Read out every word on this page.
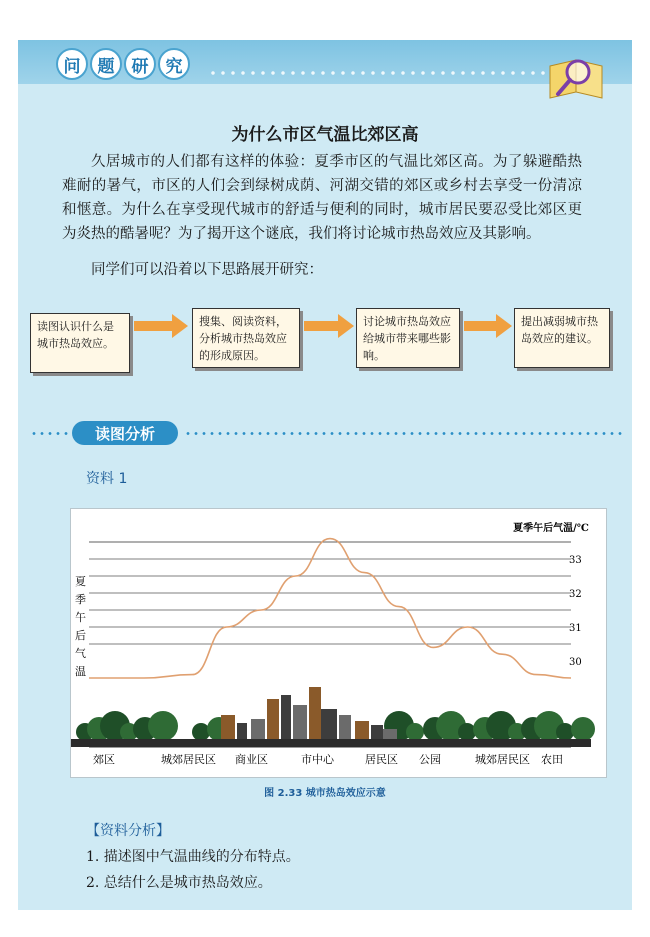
问	题	研	究
为什么市区气温比郊区高
久居城市的人们都有这样的体验：夏季市区的气温比郊区高。为了躲避酷热难耐的暑气，市区的人们会到绿树成荫、河湖交错的郊区或乡村去享受一份清凉和惬意。为什么在享受现代城市的舒适与便利的同时，城市居民要忍受比郊区更为炎热的酷暑呢？为了揭开这个谜底，我们将讨论城市热岛效应及其影响。
同学们可以沿着以下思路展开研究：
读图认识什么是城市热岛效应。
搜集、阅读资料，分析城市热岛效应的形成原因。
讨论城市热岛效应给城市带来哪些影响。
提出减弱城市热岛效应的建议。
读图分析
资料 1
30
31
32
33
郊区	城郊居民区 商业区	市中心	居民区 公园	城郊居民区 农田
夏季午后气温/℃
夏
季
午
后
气
温
图 2.33 城市热岛效应示意
【资料分析】
1. 描述图中气温曲线的分布特点。
2. 总结什么是城市热岛效应。
